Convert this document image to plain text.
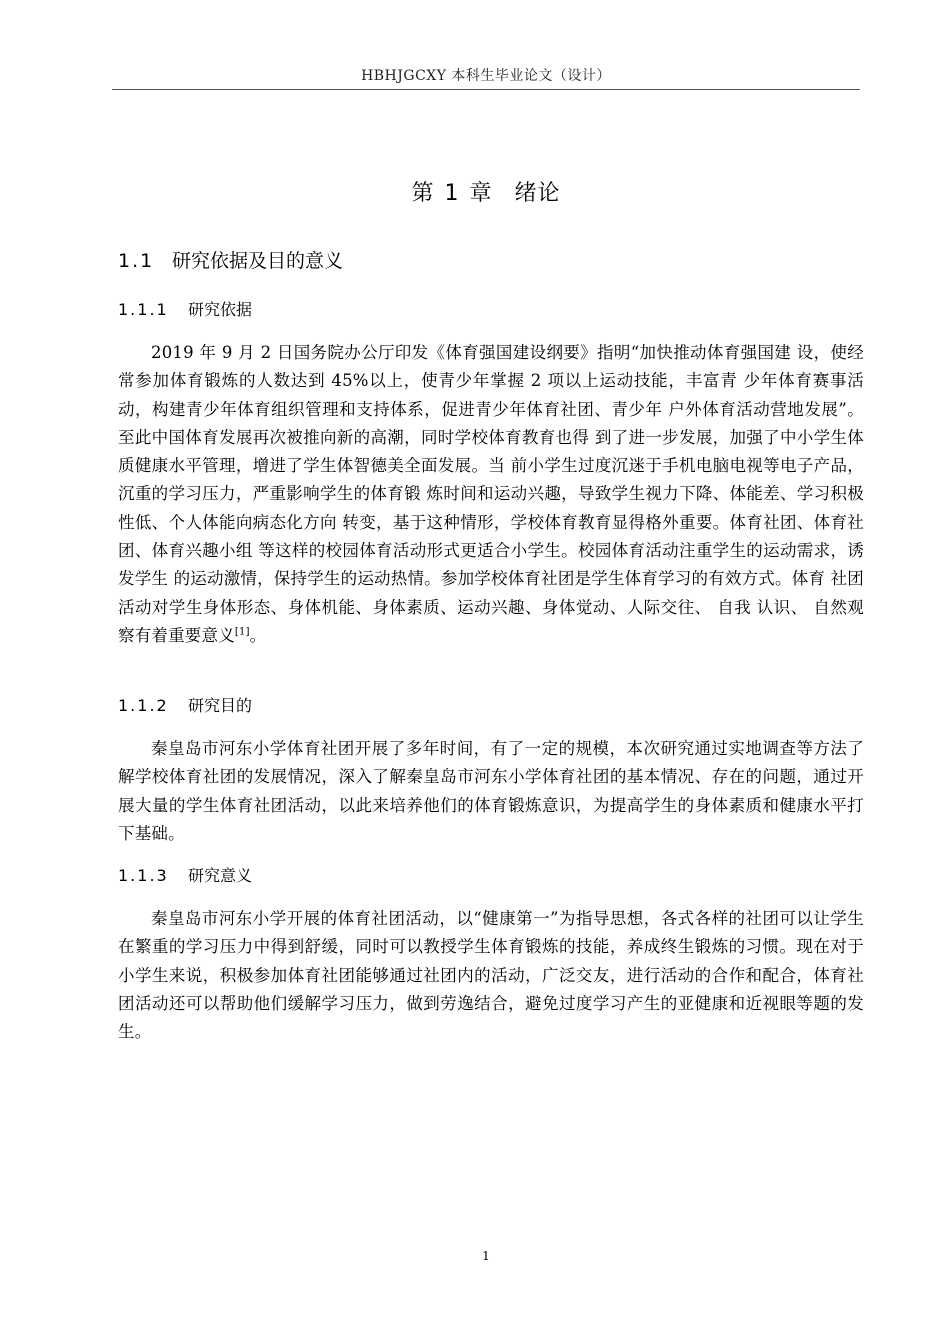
HBHJGCXY 本科生毕业论文（设计）
第 1 章 绪论
1.1 研究依据及目的意义
1.1.1 研究依据

2019 年 9 月 2 日国务院办公厅印发《体育强国建设纲要》指明“加快推动体育强国建 设，使经常参加体育锻炼的人数达到 45%以上，使青少年掌握 2 项以上运动技能，丰富青 少年体育赛事活动，构建青少年体育组织管理和支持体系，促进青少年体育社团、青少年 户外体育活动营地发展”。至此中国体育发展再次被推向新的高潮，同时学校体育教育也得 到了进一步发展，加强了中小学生体质健康水平管理，增进了学生体智德美全面发展。当 前小学生过度沉迷于手机电脑电视等电子产品，沉重的学习压力，严重影响学生的体育锻 炼时间和运动兴趣，导致学生视力下降、体能差、学习积极性低、个人体能向病态化方向 转变，基于这种情形，学校体育教育显得格外重要。体育社团、体育社团、体育兴趣小组 等这样的校园体育活动形式更适合小学生。校园体育活动注重学生的运动需求，诱发学生 的运动激情，保持学生的运动热情。参加学校体育社团是学生体育学习的有效方式。体育 社团活动对学生身体形态、身体机能、身体素质、运动兴趣、身体觉动、人际交往、 自我 认识、 自然观察有着重要意义[1]。

1.1.2 研究目的

秦皇岛市河东小学体育社团开展了多年时间，有了一定的规模，本次研究通过实地调查等方法了解学校体育社团的发展情况，深入了解秦皇岛市河东小学体育社团的基本情况、存在的问题，通过开展大量的学生体育社团活动，以此来培养他们的体育锻炼意识，为提高学生的身体素质和健康水平打下基础。

1.1.3 研究意义

秦皇岛市河东小学开展的体育社团活动，以“健康第一”为指导思想，各式各样的社团可以让学生在繁重的学习压力中得到舒缓，同时可以教授学生体育锻炼的技能，养成终生锻炼的习惯。现在对于小学生来说，积极参加体育社团能够通过社团内的活动，广泛交友，进行活动的合作和配合，体育社团活动还可以帮助他们缓解学习压力，做到劳逸结合，避免过度学习产生的亚健康和近视眼等题的发生。

1
